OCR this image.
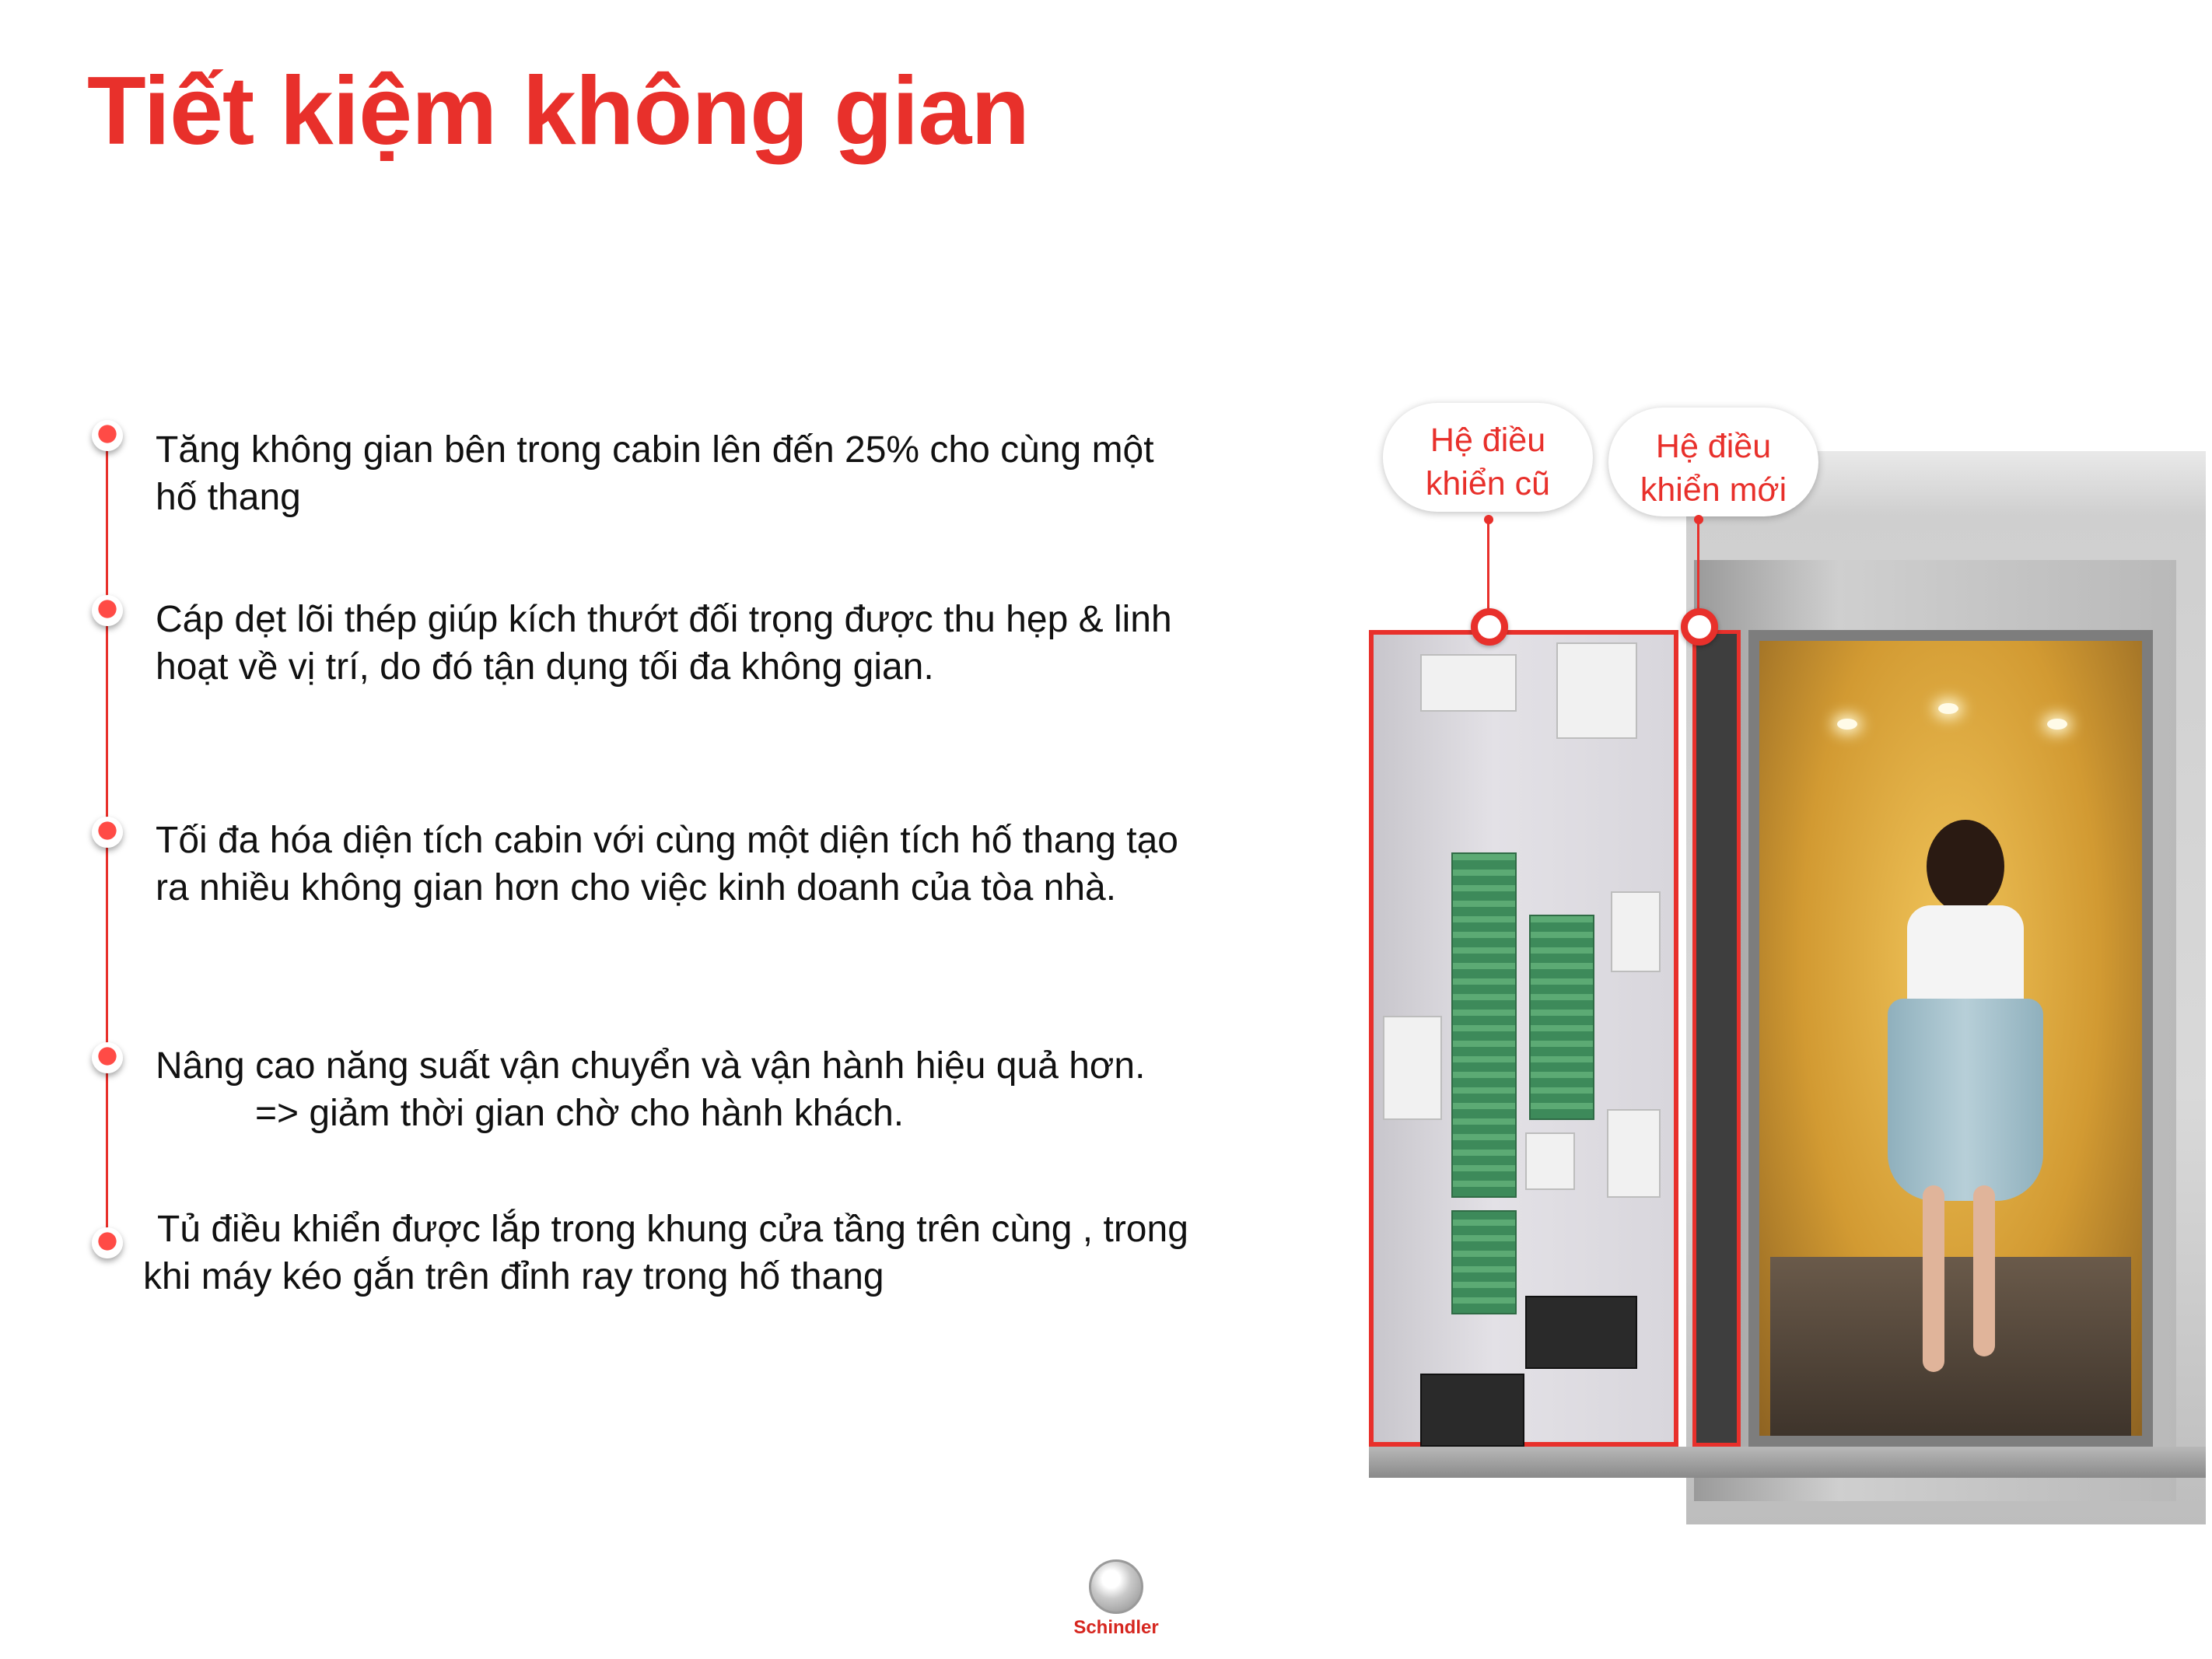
Tiết kiệm không gian

Tăng không gian bên trong cabin lên đến 25% cho cùng một
hố thang

Cáp dẹt lõi thép giúp kích thướt đối trọng được thu hẹp & linh
hoạt về vị trí, do đó tận dụng tối đa không gian.

Tối đa hóa diện tích cabin với cùng một diện tích hố thang tạo
ra nhiều không gian hơn cho việc kinh doanh của tòa nhà.

Nâng cao năng suất vận chuyển và vận hành hiệu quả hơn.
=> giảm thời gian chờ cho hành khách.

Tủ điều khiển được lắp trong khung cửa tầng trên cùng , trong
khi máy kéo gắn trên đỉnh ray trong hố thang

Hệ điều
khiển cũ
Hệ điều
khiển mới
Schindler
